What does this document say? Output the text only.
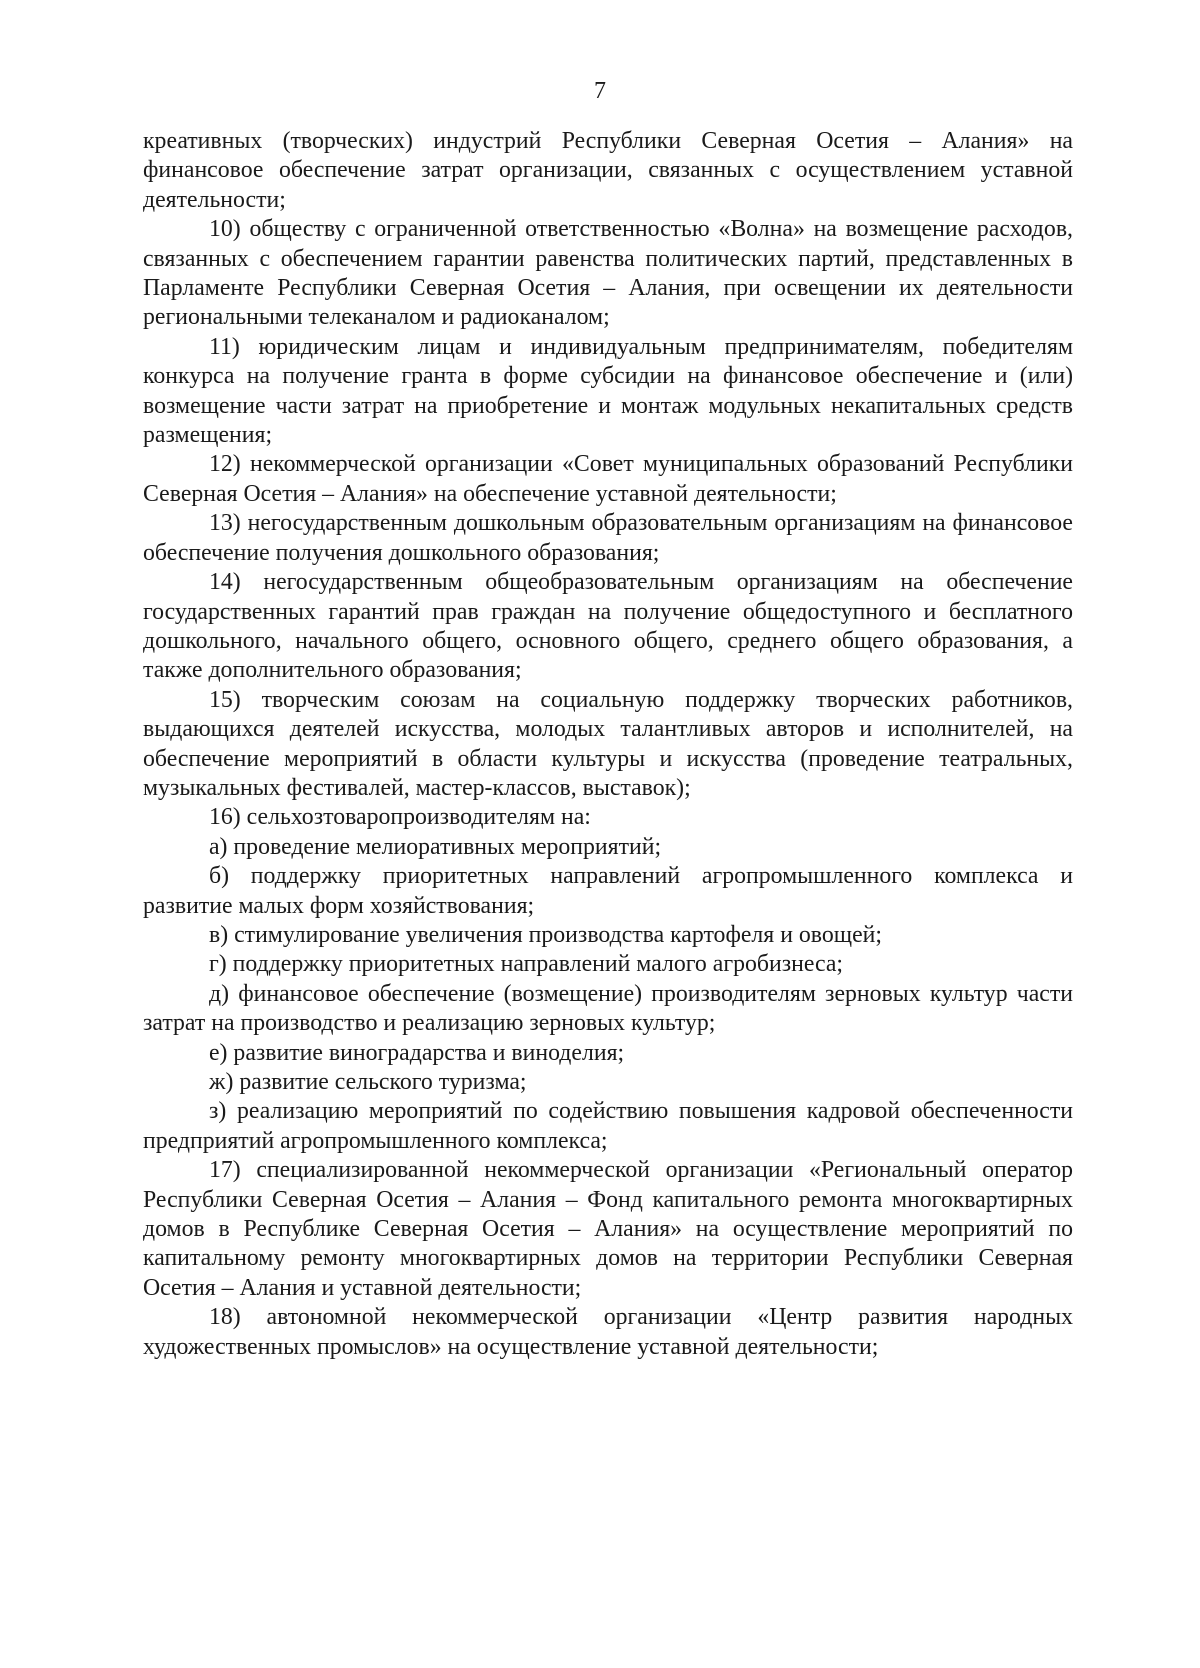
7

креативных (творческих) индустрий Республики Северная Осетия – Алания» на финансовое обеспечение затрат организации, связанных с осуществлением уставной деятельности;

10) обществу с ограниченной ответственностью «Волна» на возмещение расходов, связанных с обеспечением гарантии равенства политических партий, представленных в Парламенте Республики Северная Осетия – Алания, при освещении их деятельности региональными телеканалом и радиоканалом;

11) юридическим лицам и индивидуальным предпринимателям, победителям конкурса на получение гранта в форме субсидии на финансовое обеспечение и (или) возмещение части затрат на приобретение и монтаж модульных некапитальных средств размещения;

12) некоммерческой организации «Совет муниципальных образований Республики Северная Осетия – Алания» на обеспечение уставной деятельности;

13) негосударственным дошкольным образовательным организациям на финансовое обеспечение получения дошкольного образования;

14) негосударственным общеобразовательным организациям на обеспечение государственных гарантий прав граждан на получение общедоступного и бесплатного дошкольного, начального общего, основного общего, среднего общего образования, а также дополнительного образования;

15) творческим союзам на социальную поддержку творческих работников, выдающихся деятелей искусства, молодых талантливых авторов и исполнителей, на обеспечение мероприятий в области культуры и искусства (проведение театральных, музыкальных фестивалей, мастер-классов, выставок);

16) сельхозтоваропроизводителям на:

а) проведение мелиоративных мероприятий;

б) поддержку приоритетных направлений агропромышленного комплекса и развитие малых форм хозяйствования;

в) стимулирование увеличения производства картофеля и овощей;

г) поддержку приоритетных направлений малого агробизнеса;

д) финансовое обеспечение (возмещение) производителям зерновых культур части затрат на производство и реализацию зерновых культур;

е) развитие виноградарства и виноделия;

ж) развитие сельского туризма;

з) реализацию мероприятий по содействию повышения кадровой обеспеченности предприятий агропромышленного комплекса;

17) специализированной некоммерческой организации «Региональный оператор Республики Северная Осетия – Алания – Фонд капитального ремонта многоквартирных домов в Республике Северная Осетия – Алания» на осуществление мероприятий по капитальному ремонту многоквартирных домов на территории Республики Северная Осетия – Алания и уставной деятельности;

18) автономной некоммерческой организации «Центр развития народных художественных промыслов» на осуществление уставной деятельности;
